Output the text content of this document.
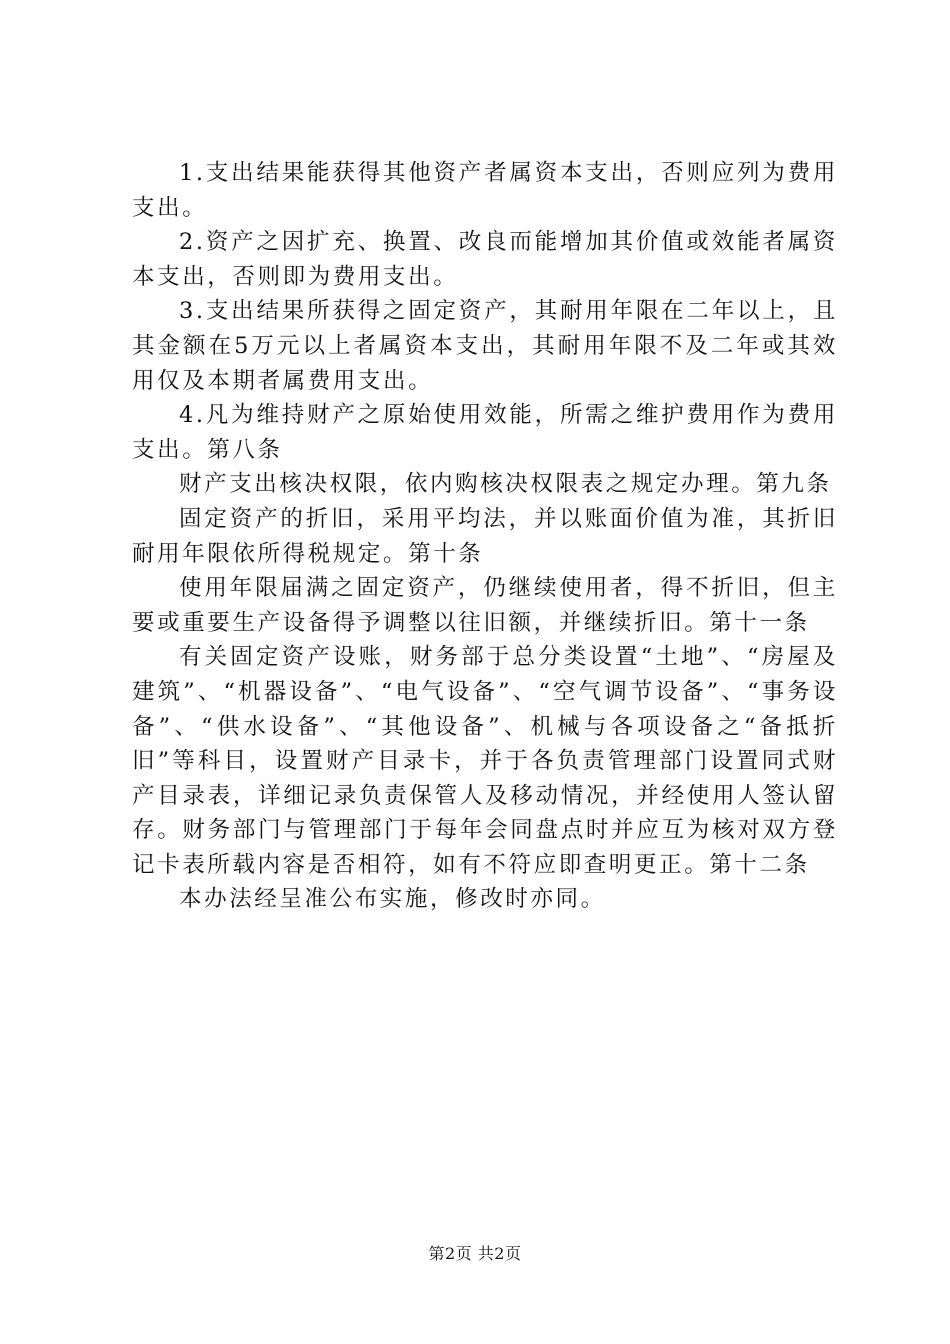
1.支出结果能获得其他资产者属资本支出，否则应列为费用支出。

2.资产之因扩充、换置、改良而能增加其价值或效能者属资本支出，否则即为费用支出。

3.支出结果所获得之固定资产，其耐用年限在二年以上，且其金额在5万元以上者属资本支出，其耐用年限不及二年或其效用仅及本期者属费用支出。

4.凡为维持财产之原始使用效能，所需之维护费用作为费用支出。第八条

财产支出核决权限，依内购核决权限表之规定办理。第九条

固定资产的折旧，采用平均法，并以账面价值为准，其折旧耐用年限依所得税规定。第十条

使用年限届满之固定资产，仍继续使用者，得不折旧，但主要或重要生产设备得予调整以往旧额，并继续折旧。第十一条

有关固定资产设账，财务部于总分类设置“土地”、“房屋及建筑”、“机器设备”、“电气设备”、“空气调节设备”、“事务设备”、“供水设备”、“其他设备”、机械与各项设备之“备抵折旧”等科目，设置财产目录卡，并于各负责管理部门设置同式财产目录表，详细记录负责保管人及移动情况，并经使用人签认留存。财务部门与管理部门于每年会同盘点时并应互为核对双方登记卡表所载内容是否相符，如有不符应即查明更正。第十二条

本办法经呈准公布实施，修改时亦同。

第2页 共2页
